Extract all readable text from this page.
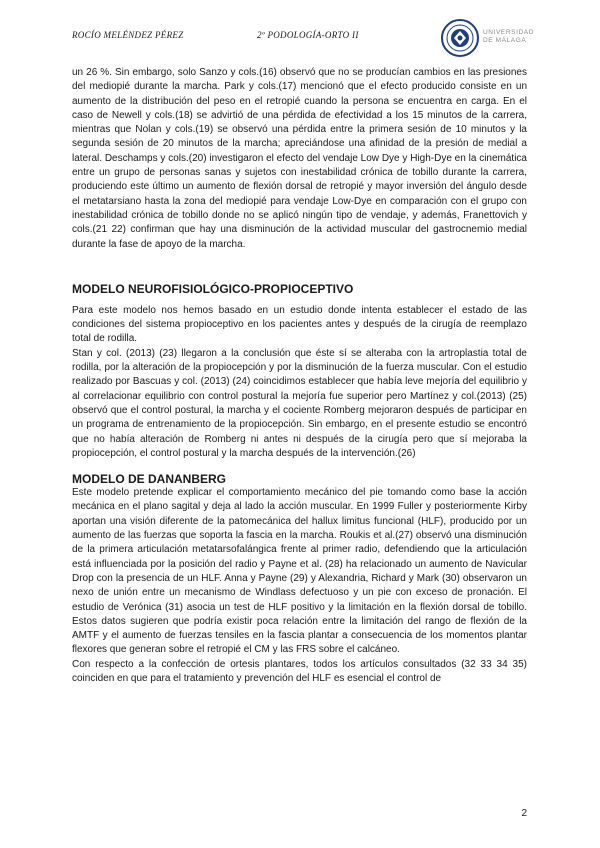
ROCÍO MELÉNDEZ PÉREZ	2º PODOLOGÍA-ORTO II	UNIVERSIDAD
DE MÁLAGA

un 26 %. Sin embargo, solo Sanzo y cols.(16) observó que no se producían cambios en las presiones del mediopié durante la marcha. Park y cols.(17) mencionó que el efecto producido consiste en un aumento de la distribución del peso en el retropié cuando la persona se encuentra en carga. En el caso de Newell y cols.(18) se advirtió de una pérdida de efectividad a los 15 minutos de la carrera, mientras que Nolan y cols.(19) se observó una pérdida entre la primera sesión de 10 minutos y la segunda sesión de 20 minutos de la marcha; apreciándose una afinidad de la presión de medial a lateral. Deschamps y cols.(20) investigaron el efecto del vendaje Low Dye y High-Dye en la cinemática entre un grupo de personas sanas y sujetos con inestabilidad crónica de tobillo durante la carrera, produciendo este último un aumento de flexión dorsal de retropié y mayor inversión del ángulo desde el metatarsiano hasta la zona del mediopié para vendaje Low-Dye en comparación con el grupo con inestabilidad crónica de tobillo donde no se aplicó ningún tipo de vendaje, y además, Franettovich y cols.(21 22) confirman que hay una disminución de la actividad muscular del gastrocnemio medial durante la fase de apoyo de la marcha.

MODELO NEUROFISIOLÓGICO-PROPIOCEPTIVO

Para este modelo nos hemos basado en un estudio donde intenta establecer el estado de las condiciones del sistema propioceptivo en los pacientes antes y después de la cirugía de reemplazo total de rodilla.

Stan y col. (2013) (23) llegaron a la conclusión que éste sí se alteraba con la artroplastia total de rodilla, por la alteración de la propiocepción y por la disminución de la fuerza muscular. Con el estudio realizado por Bascuas y col. (2013) (24) coincidimos establecer que había leve mejoría del equilibrio y al correlacionar equilibrio con control postural la mejoría fue superior pero Martínez y col.(2013) (25) observó que el control postural, la marcha y el cociente Romberg mejoraron después de participar en un programa de entrenamiento de la propiocepción. Sin embargo, en el presente estudio se encontró que no había alteración de Romberg ni antes ni después de la cirugía pero que sí mejoraba la propiocepción, el control postural y la marcha después de la intervención.(26)

MODELO DE DANANBERG

Este modelo pretende explicar el comportamiento mecánico del pie tomando como base la acción mecánica en el plano sagital y deja al lado la acción muscular. En 1999 Fuller y posteriormente Kirby aportan una visión diferente de la patomecánica del hallux limitus funcional (HLF), producido por un aumento de las fuerzas que soporta la fascia en la marcha. Roukis et al.(27) observó una disminución de la primera articulación metatarsofalángica frente al primer radio, defendiendo que la articulación está influenciada por la posición del radio y Payne et al. (28) ha relacionado un aumento de Navicular Drop con la presencia de un HLF. Anna y Payne (29) y Alexandria, Richard y Mark (30) observaron un nexo de unión entre un mecanismo de Windlass defectuoso y un pie con exceso de pronación. El estudio de Verónica (31) asocia un test de HLF positivo y la limitación en la flexión dorsal de tobillo. Estos datos sugieren que podría existir poca relación entre la limitación del rango de flexión de la AMTF y el aumento de fuerzas tensiles en la fascia plantar a consecuencia de los momentos plantar flexores que generan sobre el retropié el CM y las FRS sobre el calcáneo.

Con respecto a la confección de ortesis plantares, todos los artículos consultados (32 33 34 35) coinciden en que para el tratamiento y prevención del HLF es esencial el control de

2
